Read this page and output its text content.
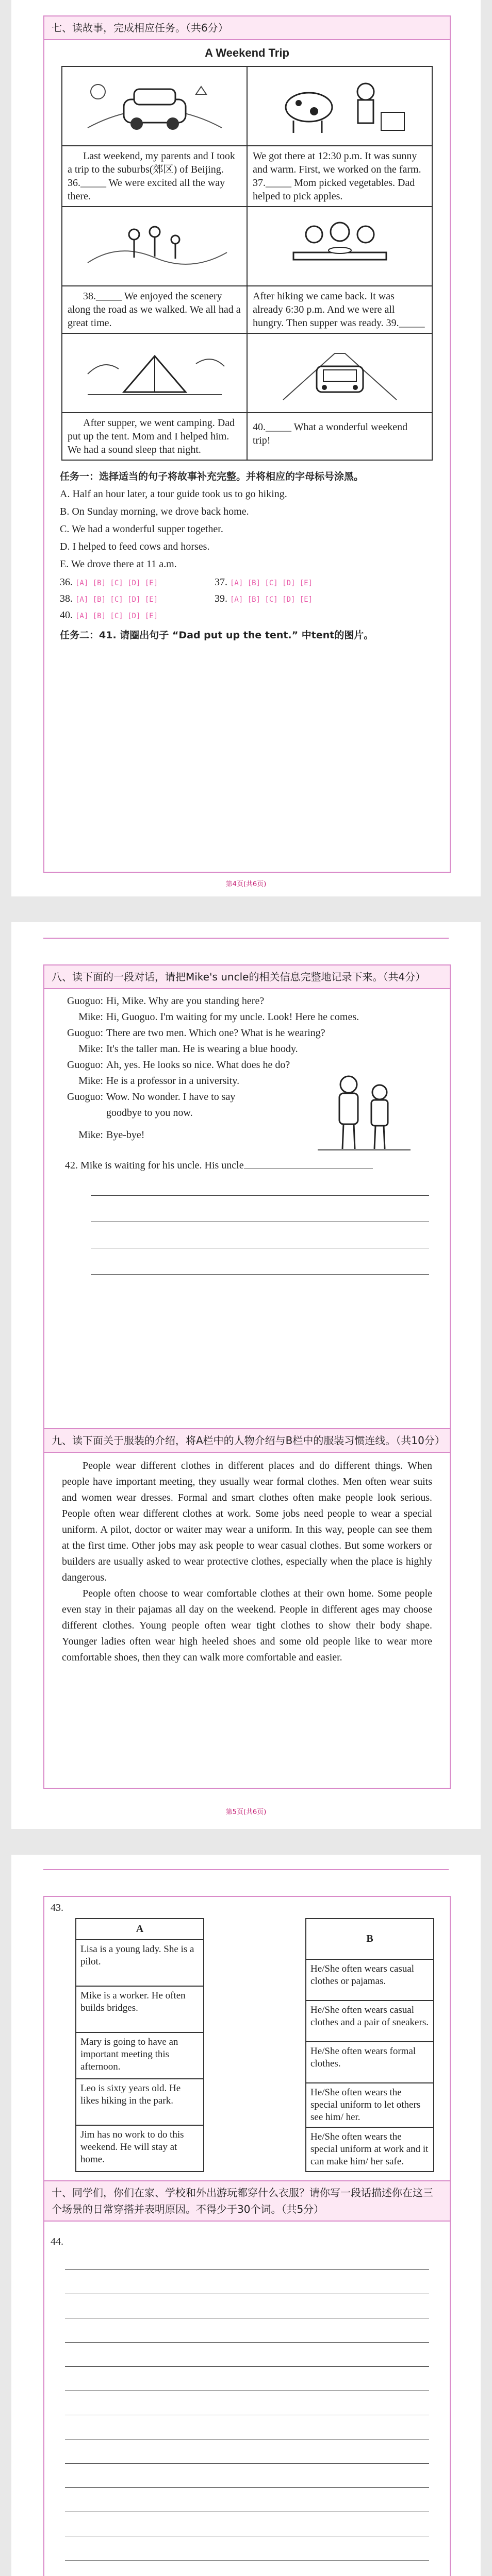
七、读故事，完成相应任务。（共6分）
A Weekend Trip

Last weekend, my parents and I took a trip to the suburbs(郊区) of Beijing. 36._____ We were excited all the way there.	We got there at 12:30 p.m. It was sunny and warm. First, we worked on the farm. 37._____ Mom picked vegetables. Dad helped to pick apples.

38._____ We enjoyed the scenery along the road as we walked. We all had a great time.	After hiking we came back. It was already 6:30 p.m. And we were all hungry. Then supper was ready. 39._____

After supper, we went camping. Dad put up the tent. Mom and I helped him. We had a sound sleep that night.	40._____ What a wonderful weekend trip!
任务一：选择适当的句子将故事补充完整。并将相应的字母标号涂黑。
A. Half an hour later, a tour guide took us to go hiking.
B. On Sunday morning, we drove back home.
C. We had a wonderful supper together.
D. I helped to feed cows and horses.
E. We drove there at 11 a.m.
36. [A] [B] [C] [D] [E]	37. [A] [B] [C] [D] [E]
38. [A] [B] [C] [D] [E]	39. [A] [B] [C] [D] [E]
40. [A] [B] [C] [D] [E]
任务二：41. 请圈出句子 “Dad put up the tent.” 中tent的图片。
第4页(共6页)
八、读下面的一段对话，请把Mike's uncle的相关信息完整地记录下来。（共4分）
Guoguo: Hi, Mike. Why are you standing here?
Mike: Hi, Guoguo. I'm waiting for my uncle. Look! Here he comes.
Guoguo: There are two men. Which one? What is he wearing?
Mike: It's the taller man. He is wearing a blue hoody.
Guoguo: Ah, yes. He looks so nice. What does he do?
Mike: He is a professor in a university.
Guoguo: Wow. No wonder. I have to say goodbye to you now.
Mike: Bye-bye!
42. Mike is waiting for his uncle. His uncle
九、读下面关于服装的介绍，将A栏中的人物介绍与B栏中的服装习惯连线。（共10分）

People wear different clothes in different places and do different things. When people have important meeting, they usually wear formal clothes. Men often wear suits and women wear dresses. Formal and smart clothes often make people look serious. People often wear different clothes at work. Some jobs need people to wear a special uniform. A pilot, doctor or waiter may wear a uniform. In this way, people can see them at the first time. Other jobs may ask people to wear casual clothes. But some workers or builders are usually asked to wear protective clothes, especially when the place is highly dangerous.

People often choose to wear comfortable clothes at their own home. Some people even stay in their pajamas all day on the weekend. People in different ages may choose different clothes. Young people often wear tight clothes to show their body shape. Younger ladies often wear high heeled shoes and some old people like to wear more comfortable shoes, then they can walk more comfortable and easier.

第5页(共6页)
43.
A
Lisa is a young lady. She is a pilot.
Mike is a worker. He often builds bridges.
Mary is going to have an important meeting this afternoon.
Leo is sixty years old. He likes hiking in the park.
Jim has no work to do this weekend. He will stay at home.
B
He/She often wears casual clothes or pajamas.
He/She often wears casual clothes and a pair of sneakers.
He/She often wears formal clothes.
He/She often wears the special uniform to let others see him/ her.
He/She often wears the special uniform at work and it can make him/ her safe.
十、同学们，你们在家、学校和外出游玩都穿什么衣服？请你写一段话描述你在这三个场景的日常穿搭并表明原因。不得少于30个词。（共5分）
44.
